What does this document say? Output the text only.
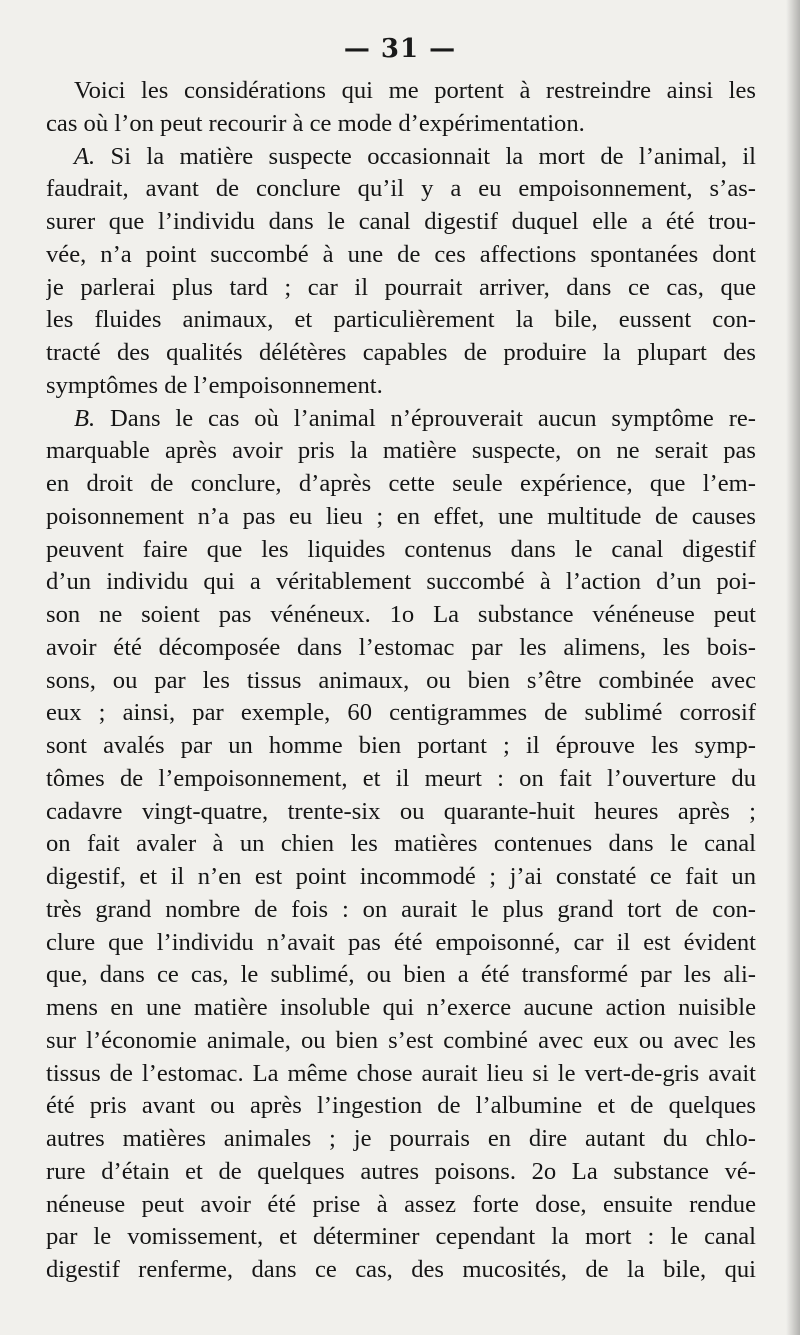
— 31 —
Voici les considérations qui me portent à restreindre ainsi les
cas où l’on peut recourir à ce mode d’expérimentation.
A. Si la matière suspecte occasionnait la mort de l’animal, il
faudrait, avant de conclure qu’il y a eu empoisonnement, s’as-
surer que l’individu dans le canal digestif duquel elle a été trou-
vée, n’a point succombé à une de ces affections spontanées dont
je parlerai plus tard ; car il pourrait arriver, dans ce cas, que
les fluides animaux, et particulièrement la bile, eussent con-
tracté des qualités délétères capables de produire la plupart des
symptômes de l’empoisonnement.
B. Dans le cas où l’animal n’éprouverait aucun symptôme re-
marquable après avoir pris la matière suspecte, on ne serait pas
en droit de conclure, d’après cette seule expérience, que l’em-
poisonnement n’a pas eu lieu ; en effet, une multitude de causes
peuvent faire que les liquides contenus dans le canal digestif
d’un individu qui a véritablement succombé à l’action d’un poi-
son ne soient pas vénéneux. 1o La substance vénéneuse peut
avoir été décomposée dans l’estomac par les alimens, les bois-
sons, ou par les tissus animaux, ou bien s’être combinée avec
eux ; ainsi, par exemple, 60 centigrammes de sublimé corrosif
sont avalés par un homme bien portant ; il éprouve les symp-
tômes de l’empoisonnement, et il meurt : on fait l’ouverture du
cadavre vingt-quatre, trente-six ou quarante-huit heures après ;
on fait avaler à un chien les matières contenues dans le canal
digestif, et il n’en est point incommodé ; j’ai constaté ce fait un
très grand nombre de fois : on aurait le plus grand tort de con-
clure que l’individu n’avait pas été empoisonné, car il est évident
que, dans ce cas, le sublimé, ou bien a été transformé par les ali-
mens en une matière insoluble qui n’exerce aucune action nuisible
sur l’économie animale, ou bien s’est combiné avec eux ou avec les
tissus de l’estomac. La même chose aurait lieu si le vert-de-gris avait
été pris avant ou après l’ingestion de l’albumine et de quelques
autres matières animales ; je pourrais en dire autant du chlo-
rure d’étain et de quelques autres poisons. 2o La substance vé-
néneuse peut avoir été prise à assez forte dose, ensuite rendue
par le vomissement, et déterminer cependant la mort : le canal
digestif renferme, dans ce cas, des mucosités, de la bile, qui
